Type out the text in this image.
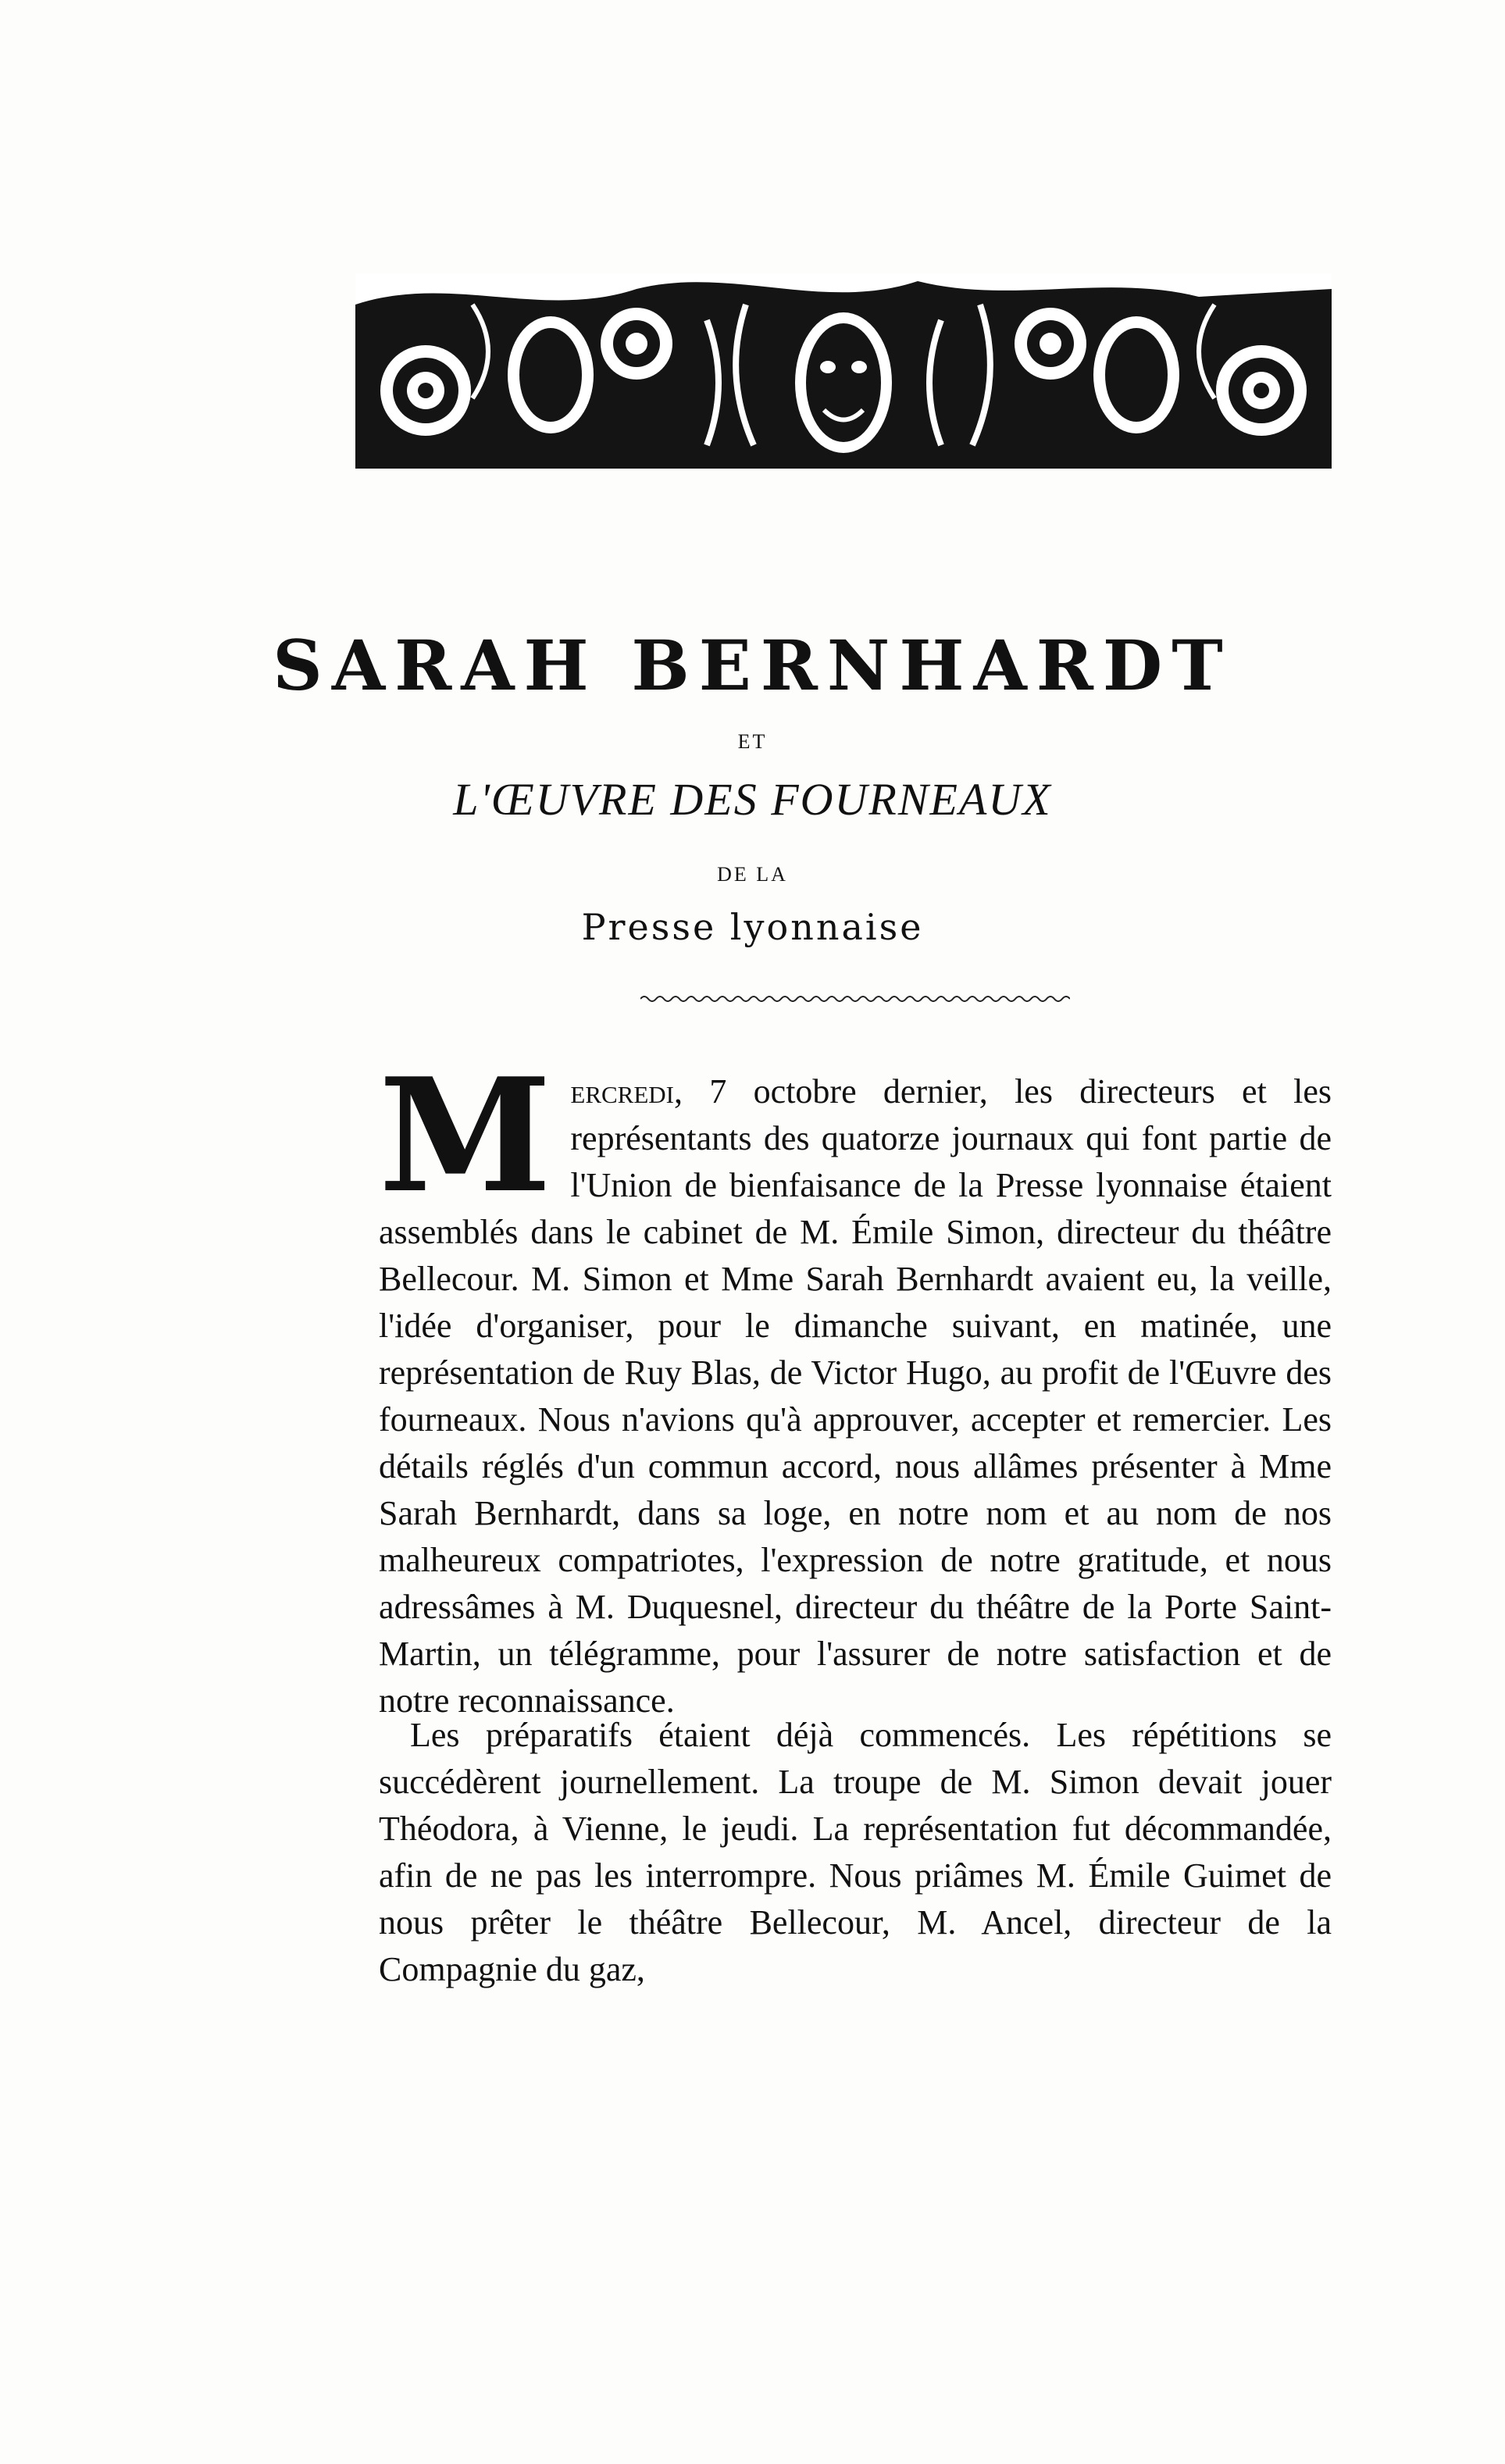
SARAH BERNHARDT
ET
L'ŒUVRE DES FOURNEAUX
DE LA
Presse lyonnaise
Mercredi, 7 octobre dernier, les directeurs et les représentants des quatorze journaux qui font partie de l'Union de bienfaisance de la Presse lyonnaise étaient assemblés dans le cabinet de M. Émile Simon, directeur du théâtre Bellecour. M. Simon et Mme Sarah Bernhardt avaient eu, la veille, l'idée d'organiser, pour le dimanche suivant, en matinée, une représentation de Ruy Blas, de Victor Hugo, au profit de l'Œuvre des fourneaux. Nous n'avions qu'à approuver, accepter et remercier. Les détails réglés d'un commun accord, nous allâmes présenter à Mme Sarah Bernhardt, dans sa loge, en notre nom et au nom de nos malheureux compatriotes, l'expression de notre gratitude, et nous adressâmes à M. Duquesnel, directeur du théâtre de la Porte Saint-Martin, un télégramme, pour l'assurer de notre satisfaction et de notre reconnaissance.
Les préparatifs étaient déjà commencés. Les répétitions se succédèrent journellement. La troupe de M. Simon devait jouer Théodora, à Vienne, le jeudi. La représentation fut décommandée, afin de ne pas les interrompre. Nous priâmes M. Émile Guimet de nous prêter le théâtre Bellecour, M. Ancel, directeur de la Compagnie du gaz,
